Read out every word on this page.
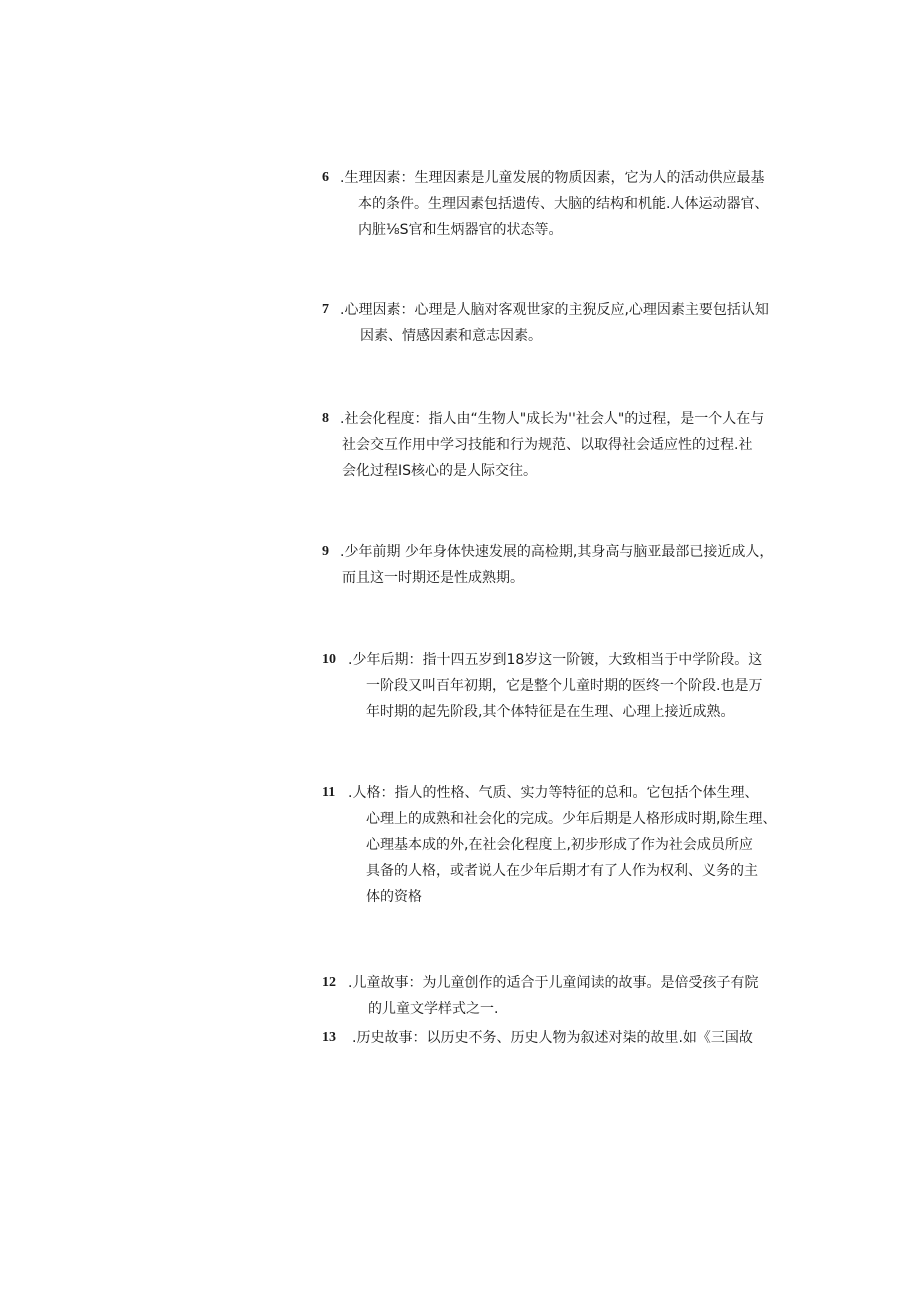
6 .生理因素：生理因素是儿童发展的物质因素，它为人的活动供应最基
本的条件。生理因素包括遗传、大脑的结构和机能.人体运动器官、
内脏⅛S官和生炳器官的状态等。
7 .心理因素：心理是人脑对客观世家的主猊反应,心理因素主要包括认知
因素、情感因素和意志因素。
8 .社会化程度：指人由“生物人"成长为''社会人"的过程，是一个人在与
社会交互作用中学习技能和行为规范、以取得社会适应性的过程.社
会化过程IS核心的是人际交往。
9 .少年前期 少年身体快速发展的高检期,其身高与脑亚最部已接近成人，
而且这一时期还是性成熟期。
10 .少年后期：指十四五岁到18岁这一阶镀，大致相当于中学阶段。这
一阶段又叫百年初期，它是整个儿童时期的医终一个阶段.也是万
年时期的起先阶段,其个体特征是在生理、心理上接近成熟。
11 .人格：指人的性格、气质、实力等特征的总和。它包括个体生理、
心理上的成熟和社会化的完成。少年后期是人格形成时期,除生理、
心理基本成的外,在社会化程度上,初步形成了作为社会成员所应
具备的人格，或者说人在少年后期才有了人作为权利、义务的主
体的资格
12 .儿童故事：为儿童创作的适合于儿童闻读的故事。是倍受孩子有院
的儿童文学样式之一.
13 .历史故事：以历史不务、历史人物为叙述对柒的故里.如《三国故
